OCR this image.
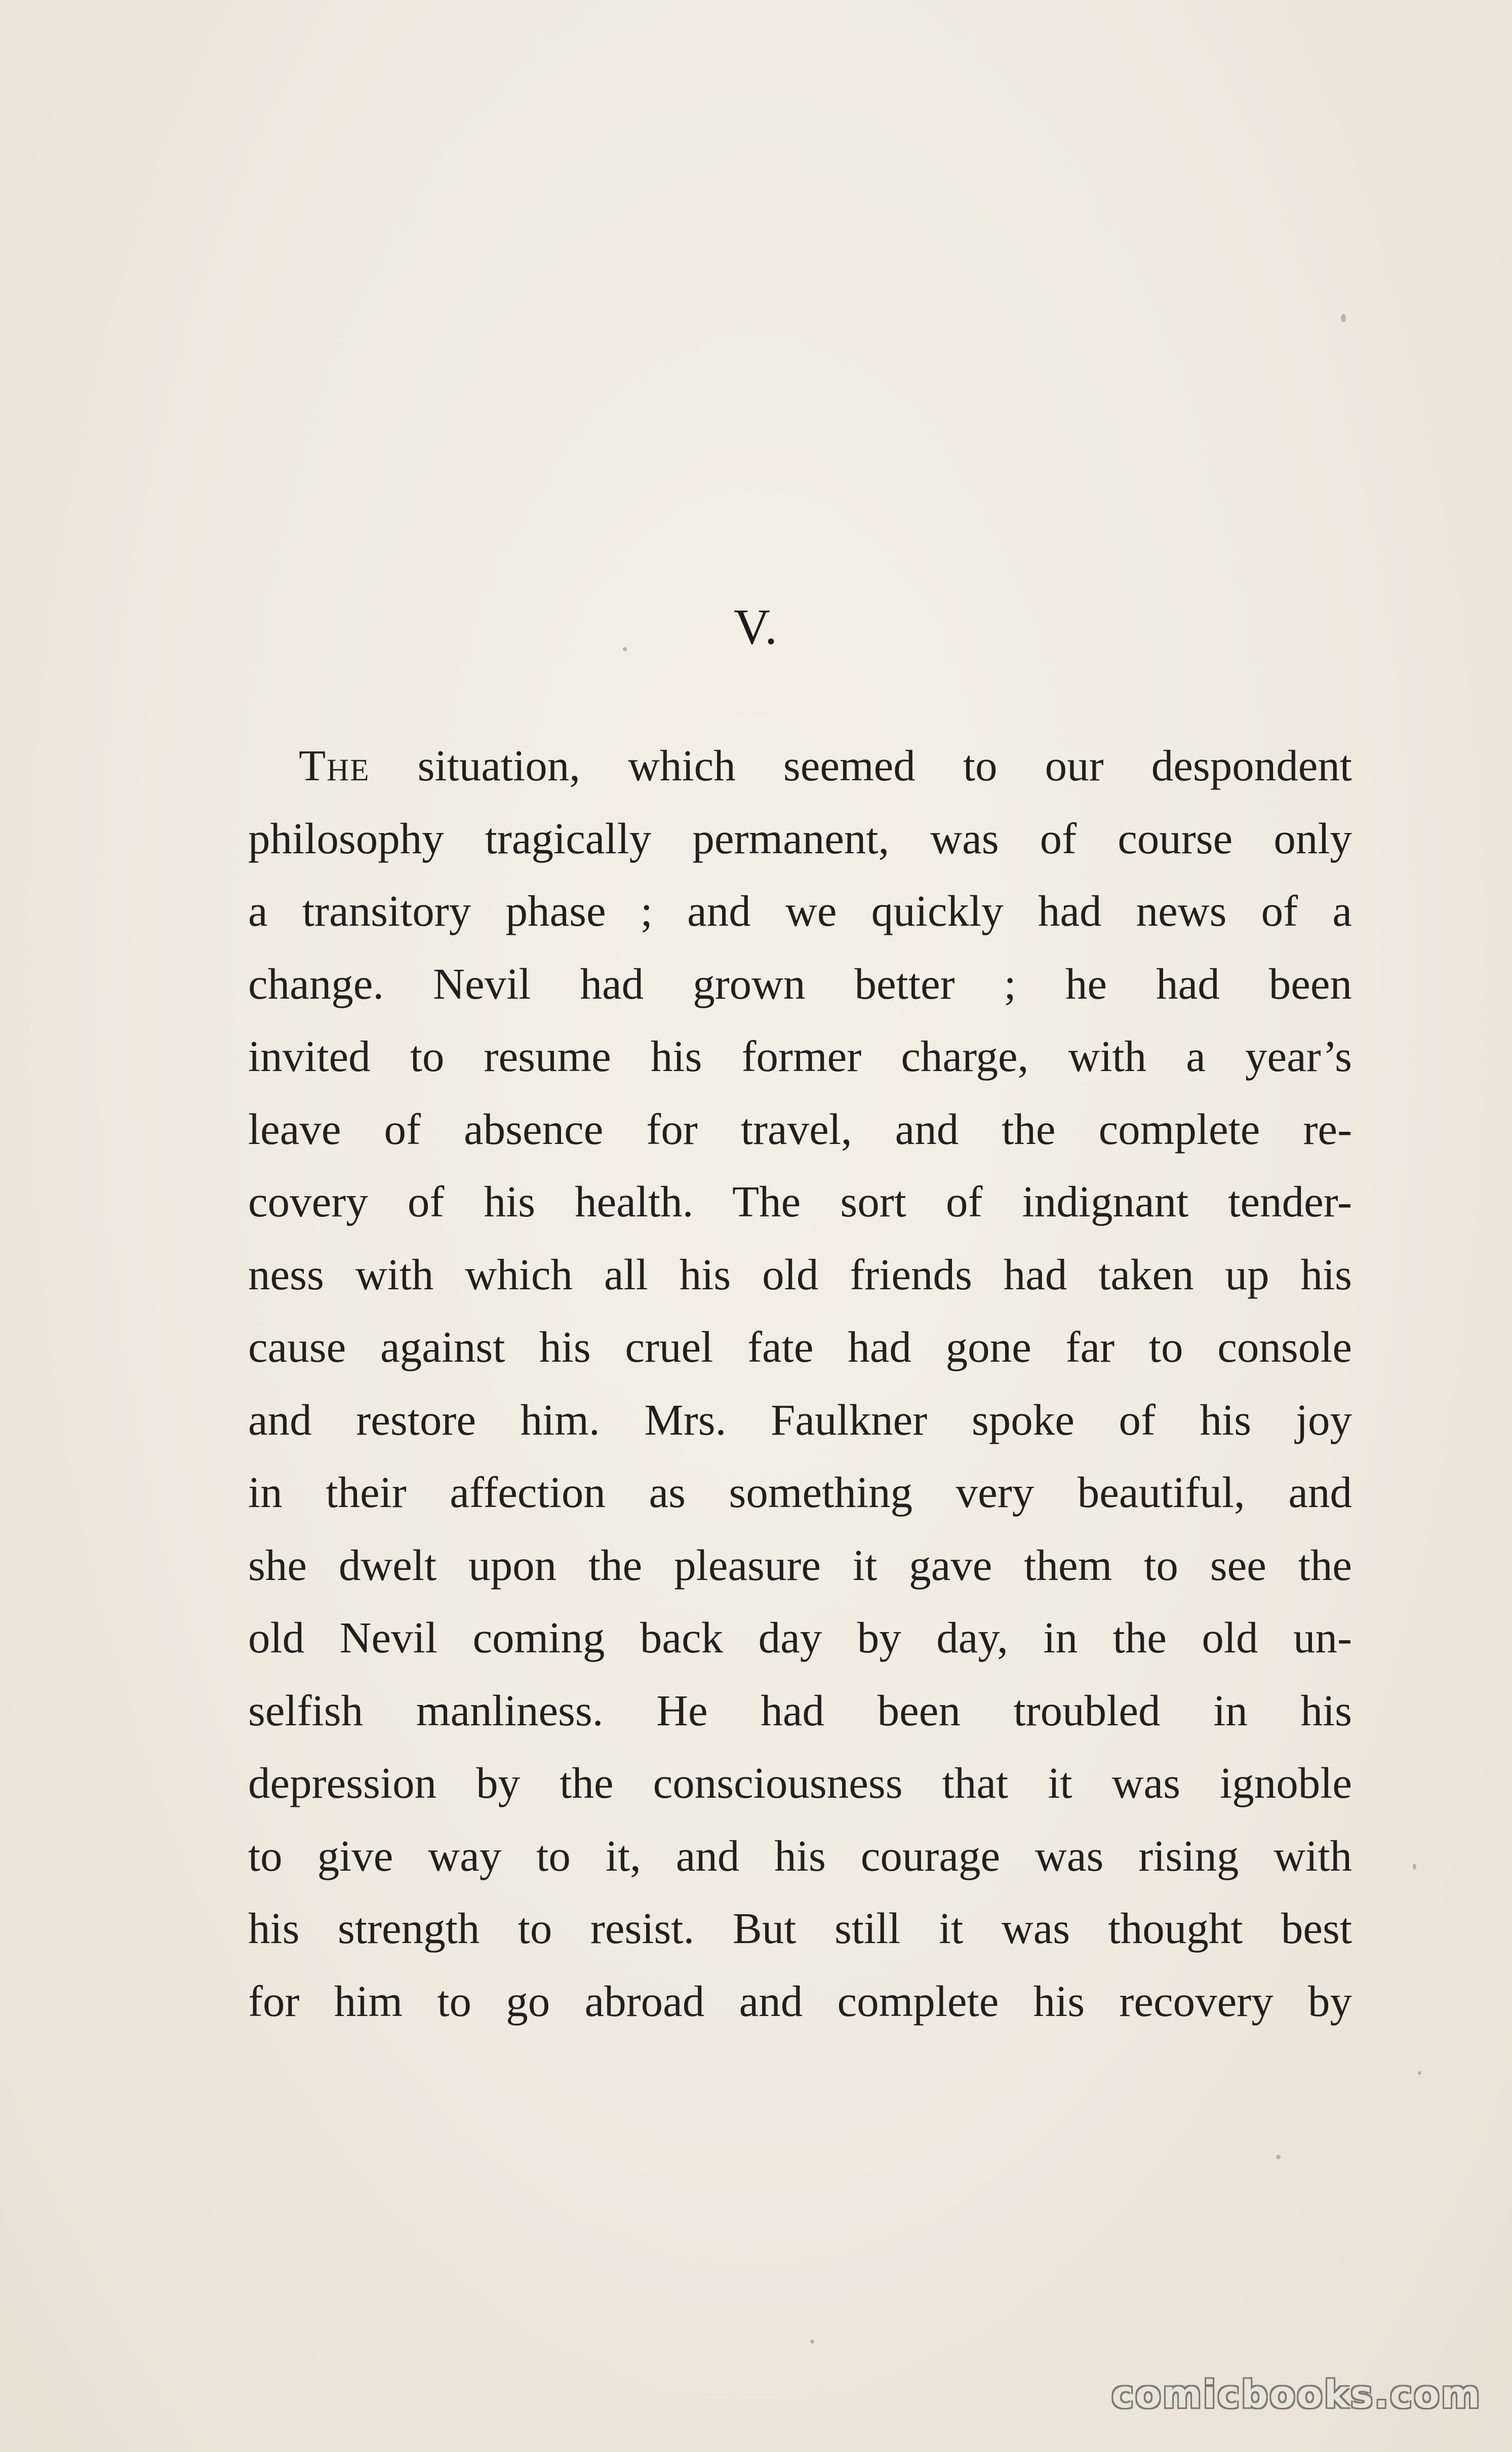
V.
The situation, which seemed to our despondent
philosophy tragically permanent, was of course only
a transitory phase ; and we quickly had news of a
change. Nevil had grown better ; he had been
invited to resume his former charge, with a year’s
leave of absence for travel, and the complete re-
covery of his health. The sort of indignant tender-
ness with which all his old friends had taken up his
cause against his cruel fate had gone far to console
and restore him. Mrs. Faulkner spoke of his joy
in their affection as something very beautiful, and
she dwelt upon the pleasure it gave them to see the
old Nevil coming back day by day, in the old un-
selfish manliness. He had been troubled in his
depression by the consciousness that it was ignoble
to give way to it, and his courage was rising with
his strength to resist. But still it was thought best
for him to go abroad and complete his recovery by
comicbooks.com
